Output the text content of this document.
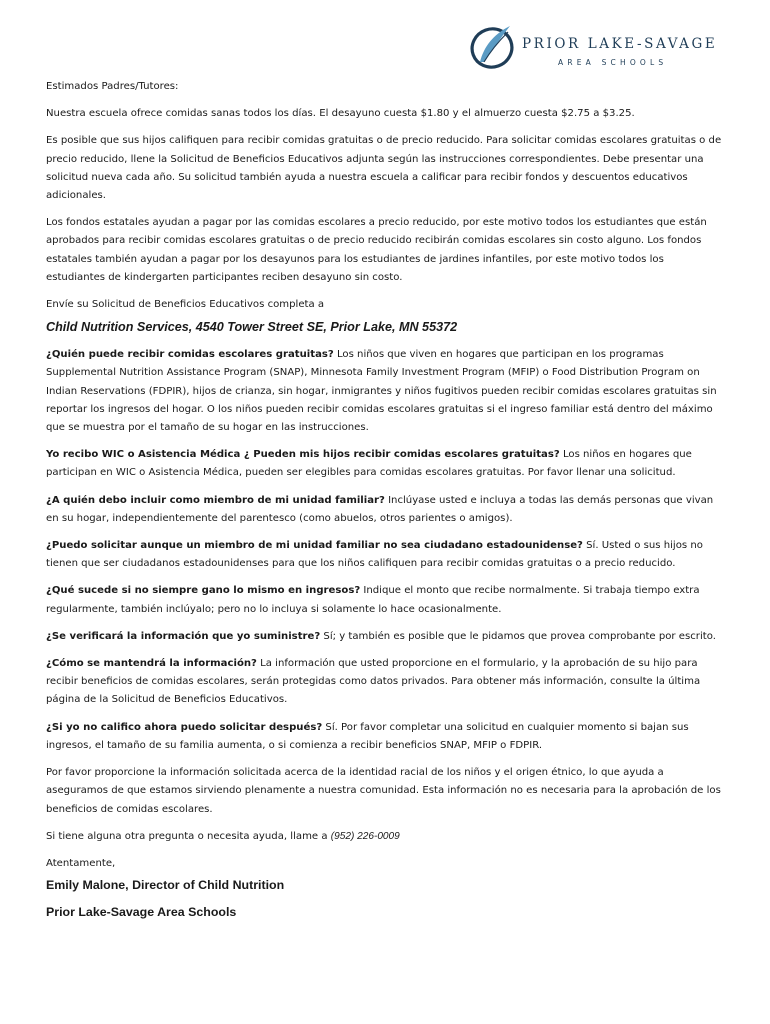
PRIOR LAKE-SAVAGE
AREA SCHOOLS

Estimados Padres/Tutores:

Nuestra escuela ofrece comidas sanas todos los días. El desayuno cuesta $1.80 y el almuerzo cuesta $2.75 a $3.25.

Es posible que sus hijos califiquen para recibir comidas gratuitas o de precio reducido. Para solicitar comidas escolares gratuitas o de precio reducido, llene la Solicitud de Beneficios Educativos adjunta según las instrucciones correspondientes. Debe presentar una solicitud nueva cada año. Su solicitud también ayuda a nuestra escuela a calificar para recibir fondos y descuentos educativos adicionales.

Los fondos estatales ayudan a pagar por las comidas escolares a precio reducido, por este motivo todos los estudiantes que están aprobados para recibir comidas escolares gratuitas o de precio reducido recibirán comidas escolares sin costo alguno. Los fondos estatales también ayudan a pagar por los desayunos para los estudiantes de jardines infantiles, por este motivo todos los estudiantes de kindergarten participantes reciben desayuno sin costo.

Envíe su Solicitud de Beneficios Educativos completa a

Child Nutrition Services, 4540 Tower Street SE, Prior Lake, MN 55372

¿Quién puede recibir comidas escolares gratuitas? Los niños que viven en hogares que participan en los programas Supplemental Nutrition Assistance Program (SNAP), Minnesota Family Investment Program (MFIP) o Food Distribution Program on Indian Reservations (FDPIR), hijos de crianza, sin hogar, inmigrantes y niños fugitivos pueden recibir comidas escolares gratuitas sin reportar los ingresos del hogar. O los niños pueden recibir comidas escolares gratuitas si el ingreso familiar está dentro del máximo que se muestra por el tamaño de su hogar en las instrucciones.

Yo recibo WIC o Asistencia Médica ¿ Pueden mis hijos recibir comidas escolares gratuitas? Los niños en hogares que participan en WIC o Asistencia Médica, pueden ser elegibles para comidas escolares gratuitas. Por favor llenar una solicitud.

¿A quién debo incluir como miembro de mi unidad familiar? Inclúyase usted e incluya a todas las demás personas que vivan en su hogar, independientemente del parentesco (como abuelos, otros parientes o amigos).

¿Puedo solicitar aunque un miembro de mi unidad familiar no sea ciudadano estadounidense? Sí. Usted o sus hijos no tienen que ser ciudadanos estadounidenses para que los niños califiquen para recibir comidas gratuitas o a precio reducido.

¿Qué sucede si no siempre gano lo mismo en ingresos? Indique el monto que recibe normalmente. Si trabaja tiempo extra regularmente, también inclúyalo; pero no lo incluya si solamente lo hace ocasionalmente.

¿Se verificará la información que yo suministre? Sí; y también es posible que le pidamos que provea comprobante por escrito.

¿Cómo se mantendrá la información? La información que usted proporcione en el formulario, y la aprobación de su hijo para recibir beneficios de comidas escolares, serán protegidas como datos privados. Para obtener más información, consulte la última página de la Solicitud de Beneficios Educativos.

¿Si yo no califico ahora puedo solicitar después? Sí. Por favor completar una solicitud en cualquier momento si bajan sus ingresos, el tamaño de su familia aumenta, o si comienza a recibir beneficios SNAP, MFIP o FDPIR.

Por favor proporcione la información solicitada acerca de la identidad racial de los niños y el origen étnico, lo que ayuda a aseguramos de que estamos sirviendo plenamente a nuestra comunidad. Esta información no es necesaria para la aprobación de los beneficios de comidas escolares.

Si tiene alguna otra pregunta o necesita ayuda, llame a (952) 226-0009

Atentamente,

Emily Malone, Director of Child Nutrition

Prior Lake-Savage Area Schools
